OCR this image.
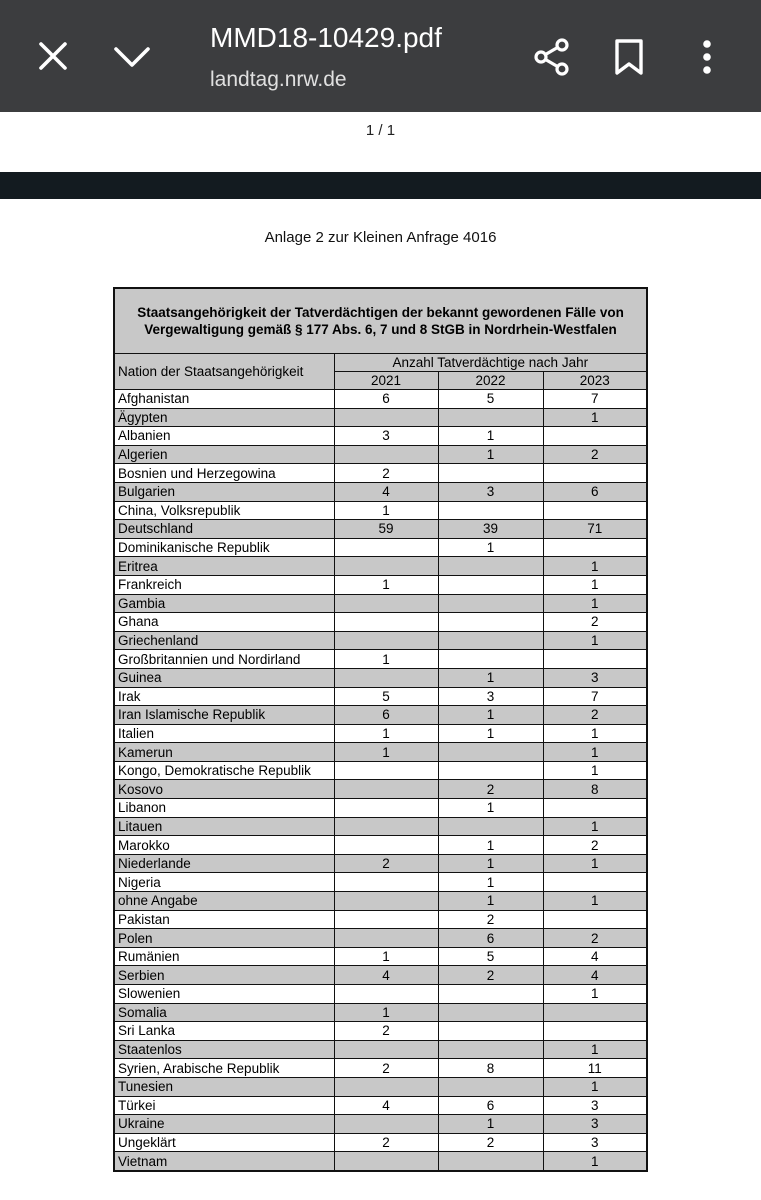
MMD18-10429.pdf
landtag.nrw.de
1 / 1
Anlage 2 zur Kleinen Anfrage 4016
Staatsangehörigkeit der Tatverdächtigen der bekannt gewordenen Fälle von Vergewaltigung gemäß § 177 Abs. 6, 7 und 8 StGB in Nordrhein-Westfalen			
Nation der Staatsangehörigkeit	Anzahl Tatverdächtige nach Jahr		
	2021	2022	2023
Afghanistan	6	5	7
Ägypten			1
Albanien	3	1	
Algerien		1	2
Bosnien und Herzegowina	2		
Bulgarien	4	3	6
China, Volksrepublik	1		
Deutschland	59	39	71
Dominikanische Republik		1	
Eritrea			1
Frankreich	1		1
Gambia			1
Ghana			2
Griechenland			1
Großbritannien und Nordirland	1		
Guinea		1	3
Irak	5	3	7
Iran Islamische Republik	6	1	2
Italien	1	1	1
Kamerun	1		1
Kongo, Demokratische Republik			1
Kosovo		2	8
Libanon		1	
Litauen			1
Marokko		1	2
Niederlande	2	1	1
Nigeria		1	
ohne Angabe		1	1
Pakistan		2	
Polen		6	2
Rumänien	1	5	4
Serbien	4	2	4
Slowenien			1
Somalia	1		
Sri Lanka	2		
Staatenlos			1
Syrien, Arabische Republik	2	8	11
Tunesien			1
Türkei	4	6	3
Ukraine		1	3
Ungeklärt	2	2	3
Vietnam			1
